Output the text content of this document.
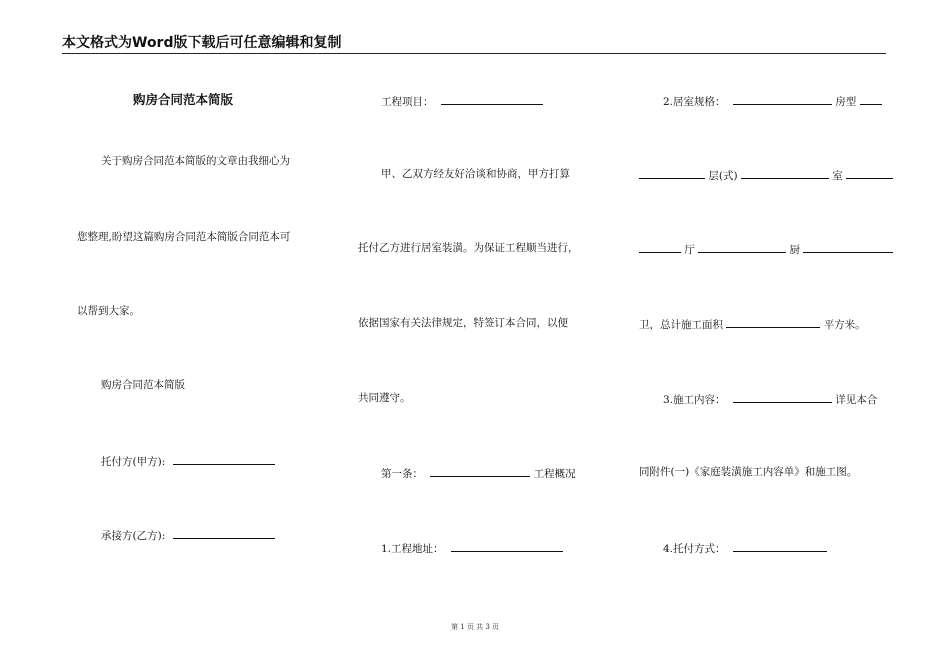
本文格式为Word版下载后可任意编辑和复制
购房合同范本简版
关于购房合同范本简版的文章由我细心为
您整理,盼望这篇购房合同范本简版合同范本可
以帮到大家。
购房合同范本简版
托付方(甲方):
承接方(乙方):
工程项目：
甲、乙双方经友好洽谈和协商，甲方打算
托付乙方进行居室装潢。为保证工程顺当进行，
依据国家有关法律规定，特签订本合同，以便
共同遵守。
第一条：	工程概况
1.工程地址：
2.居室规格：	房型
层(式)	室
厅	厨
卫，总计施工面积	平方米。
3.施工内容：	详见本合
同附件(一)《家庭装潢施工内容单》和施工图。
4.托付方式：
第 1 页 共 3 页
